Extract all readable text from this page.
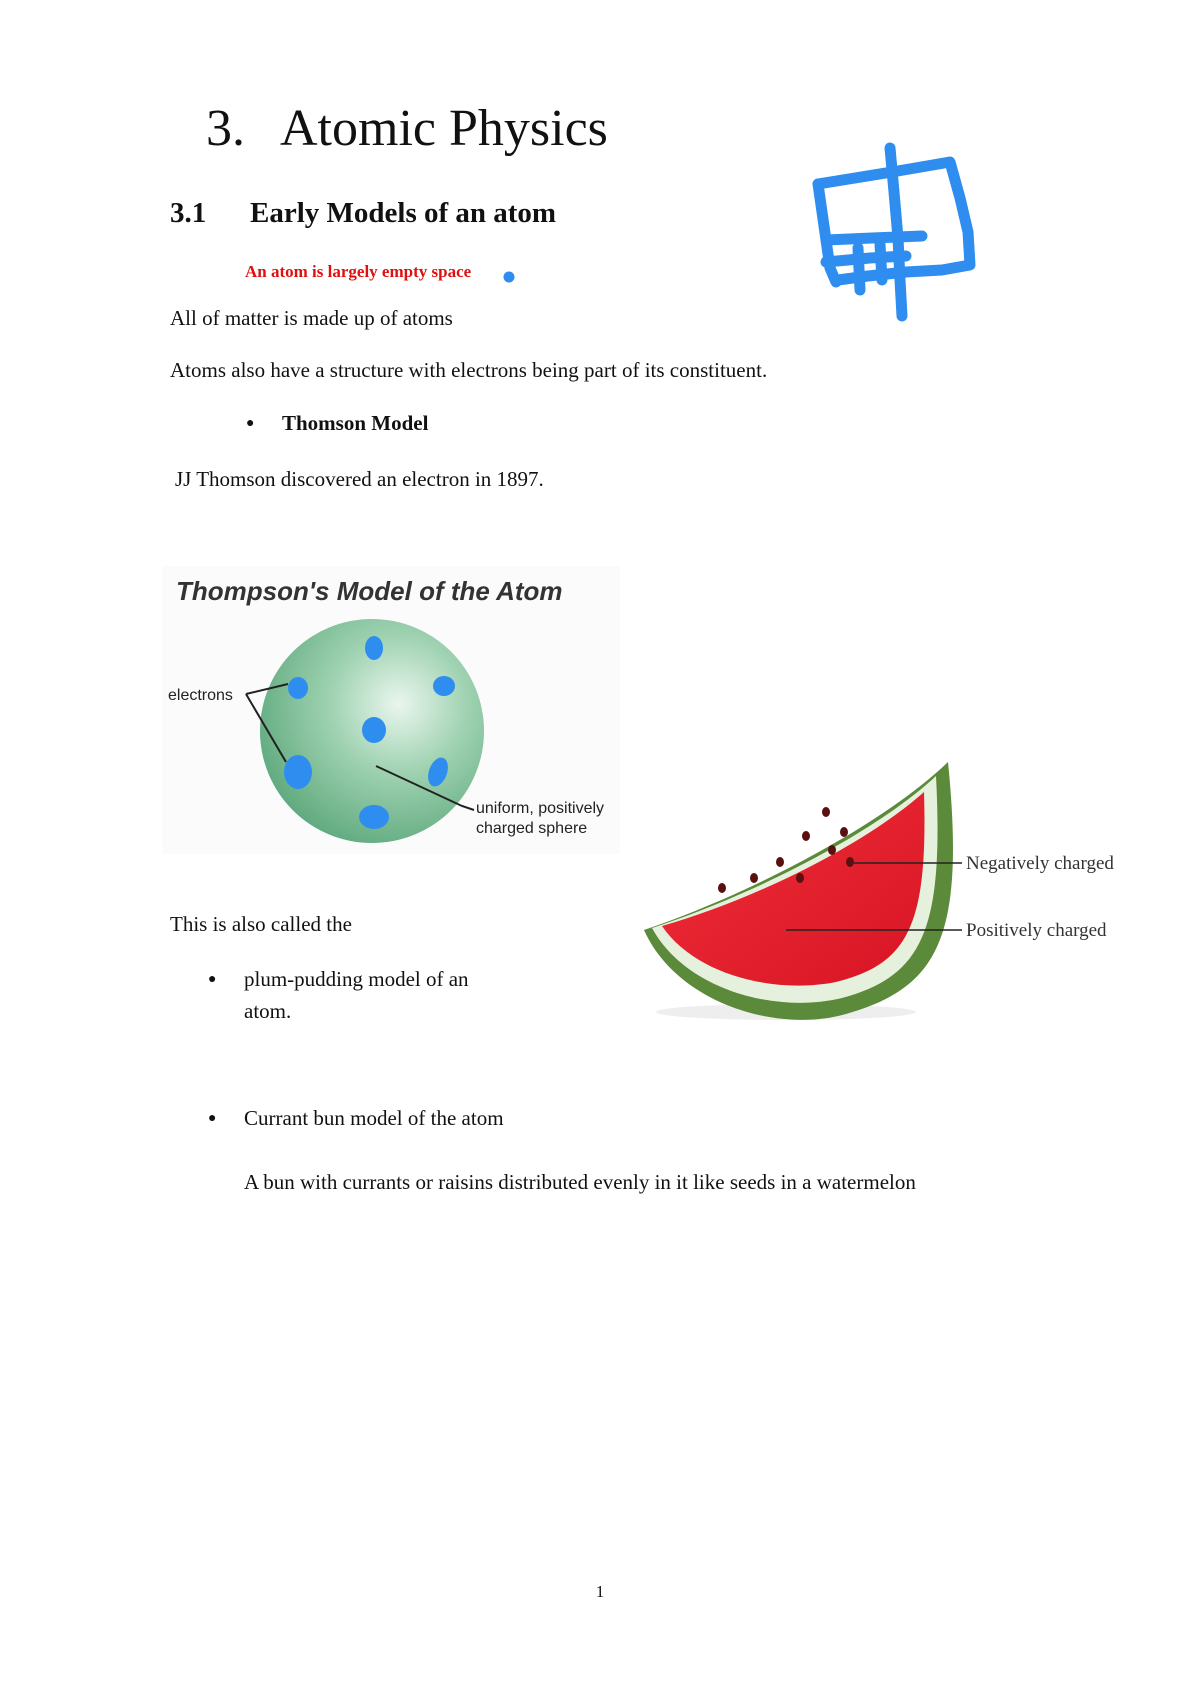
3. Atomic Physics
3.1 Early Models of an atom
An atom is largely empty space
All of matter is made up of atoms
Atoms also have a structure with electrons being part of its constituent.
● Thomson Model
JJ Thomson discovered an electron in 1897.
Thompson's Model of the Atom
electrons
uniform, positively
charged sphere
Negatively charged
Positively charged
This is also called the
● plum-pudding model of an
atom.
● Currant bun model of the atom
A bun with currants or raisins distributed evenly in it like seeds in a watermelon
1
